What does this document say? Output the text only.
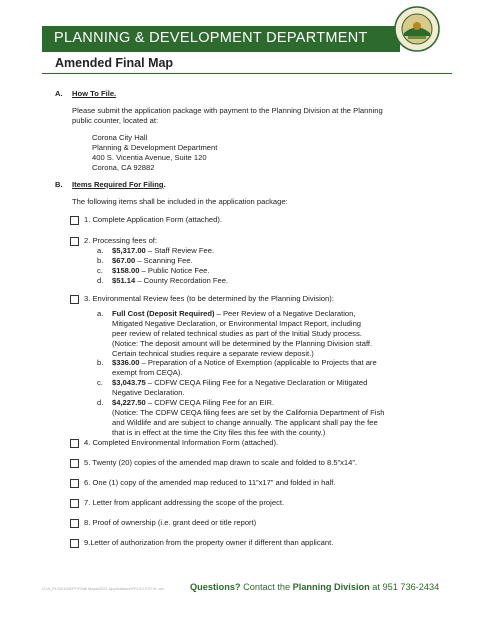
PLANNING & DEVELOPMENT DEPARTMENT
Amended Final Map
A. How To File.
Please submit the application package with payment to the Planning Division at the Planning
public counter, located at:
Corona City Hall
Planning & Development Department
400 S. Vicentia Avenue, Suite 120
Corona, CA 92882
B. Items Required For Filing.
The following items shall be included in the application package:
1. Complete Application Form (attached).
2. Processing fees of:
a. $5,317.00 – Staff Review Fee.
b. $67.00 – Scanning Fee.
c. $158.00 – Public Notice Fee.
d. $51.14 – County Recordation Fee.
3. Environmental Review fees (to be determined by the Planning Division):
a. Full Cost (Deposit Required) – Peer Review of a Negative Declaration,
Mitigated Negative Declaration, or Environmental Impact Report, including
peer review of related technical studies as part of the Initial Study process.
(Notice: The deposit amount will be determined by the Planning Division staff.
Certain technical studies require a separate review deposit.)
b. $336.00 – Preparation of a Notice of Exemption (applicable to Projects that are
exempt from CEQA).
c. $3,043.75 – CDFW CEQA Filing Fee for a Negative Declaration or Mitigated
Negative Declaration.
d. $4,227.50 – CDFW CEQA Filing Fee for an EIR.
(Notice: The CDFW CEQA filing fees are set by the California Department of Fish
and Wildlife and are subject to change annually. The applicant shall pay the fee
that is in effect at the time the City files this fee with the county.)
4. Completed Environmental Information Form (attached).
5. Twenty (20) copies of the amended map drawn to scale and folded to 8.5”x14”.
6. One (1) copy of the amended map reduced to 11”x17” and folded in half.
7. Letter from applicant addressing the scope of the project.
8. Proof of ownership (i.e. grant deed or title report)
9.Letter of authorization from the property owner if different than applicant.
G:\A_PLS\01\DEPT\Final Maps\2021 Applications\PPL\Cl 070 VL.rev	Questions? Contact the Planning Division at 951 736-2434
